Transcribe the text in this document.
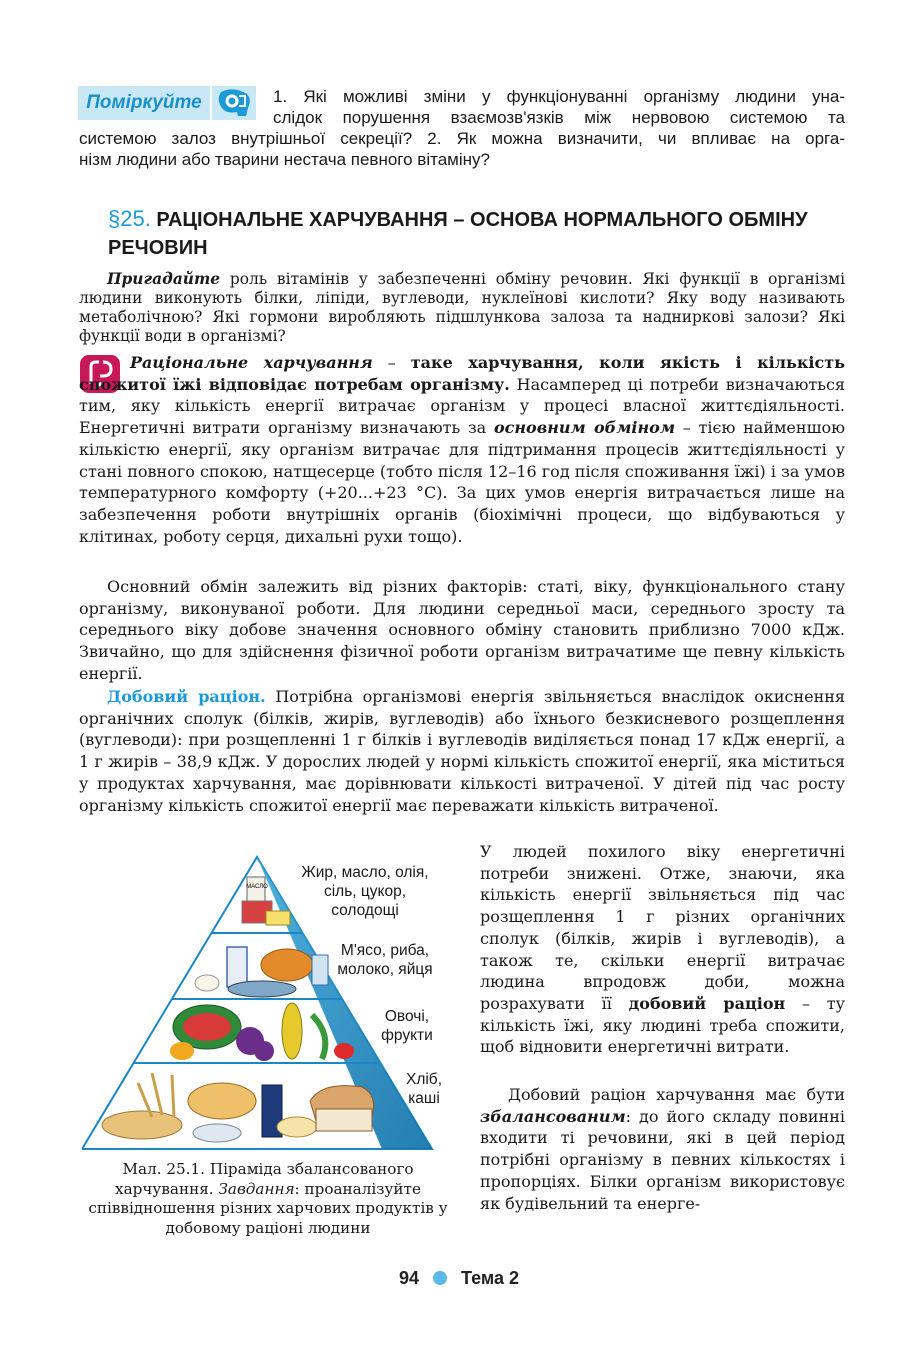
Поміркуйте	1. Які можливі зміни у функціонуванні організму людини уна-
слідок порушення взаємозв'язків між нервовою системою та
системою залоз внутрішньої секреції? 2. Як можна визначити, чи впливає на орга-
нізм людини або тварини нестача певного вітаміну?
§25. РАЦІОНАЛЬНЕ ХАРЧУВАННЯ – ОСНОВА НОРМАЛЬНОГО ОБМІНУ РЕЧОВИН
Пригадайте роль вітамінів у забезпеченні обміну речовин. Які функції в організмі людини виконують білки, ліпіди, вуглеводи, нуклеїнові кислоти? Яку воду називають метаболічною? Які гормони виробляють підшлункова залоза та надниркові залози? Які функції води в організмі?
Раціональне харчування – таке харчування, коли якість і кількість спожитої їжі відповідає потребам організму. Насамперед ці потреби визначаються тим, яку кількість енергії витрачає організм у процесі власної життєдіяльності. Енергетичні витрати організму визначають за основним обміном – тією найменшою кількістю енергії, яку організм витрачає для підтримання процесів життєдіяльності у стані повного спокою, натщесерце (тобто після 12–16 год після споживання їжі) і за умов температурного комфорту (+20...+23 °С). За цих умов енергія витрачається лише на забезпечення роботи внутрішніх органів (біохімічні процеси, що відбуваються у клітинах, роботу серця, дихальні рухи тощо).
Основний обмін залежить від різних факторів: статі, віку, функціонального стану організму, виконуваної роботи. Для людини середньої маси, середнього зросту та середнього віку добове значення основного обміну становить приблизно 7000 кДж. Звичайно, що для здійснення фізичної роботи організм витрачатиме ще певну кількість енергії.
Добовий раціон. Потрібна організмові енергія звільняється внаслідок окиснення органічних сполук (білків, жирів, вуглеводів) або їхнього безкисневого розщеплення (вуглеводи): при розщепленні 1 г білків і вуглеводів виділяється понад 17 кДж енергії, а 1 г жирів – 38,9 кДж. У дорослих людей у нормі кількість спожитої енергії, яка міститься у продуктах харчування, має дорівнювати кількості витраченої. У дітей під час росту організму кількість спожитої енергії має переважати кількість витраченої.
У людей похилого віку енергетичні потреби знижені. Отже, знаючи, яка кількість енергії звільняється під час розщеплення 1 г різних органічних сполук (білків, жирів і вуглеводів), а також те, скільки енергії витрачає людина впродовж доби, можна розрахувати її добовий раціон – ту кількість їжі, яку людині треба спожити, щоб відновити енергетичні витрати.
Добовий раціон харчування має бути збалансованим: до його складу повинні входити ті речовини, які в цей період потрібні організму в певних кількостях і пропорціях. Білки організм використовує як будівельний та енерге-
МАСЛО
Жир, масло, олія,
сіль, цукор,
солодощі
М'ясо, риба,
молоко, яйця
Овочі,
фрукти
Хліб,
каші
Мал. 25.1. Піраміда збалансованого харчування. Завдання: проаналізуйте співвідношення різних харчових продуктів у добовому раціоні людини
94 Тема 2
